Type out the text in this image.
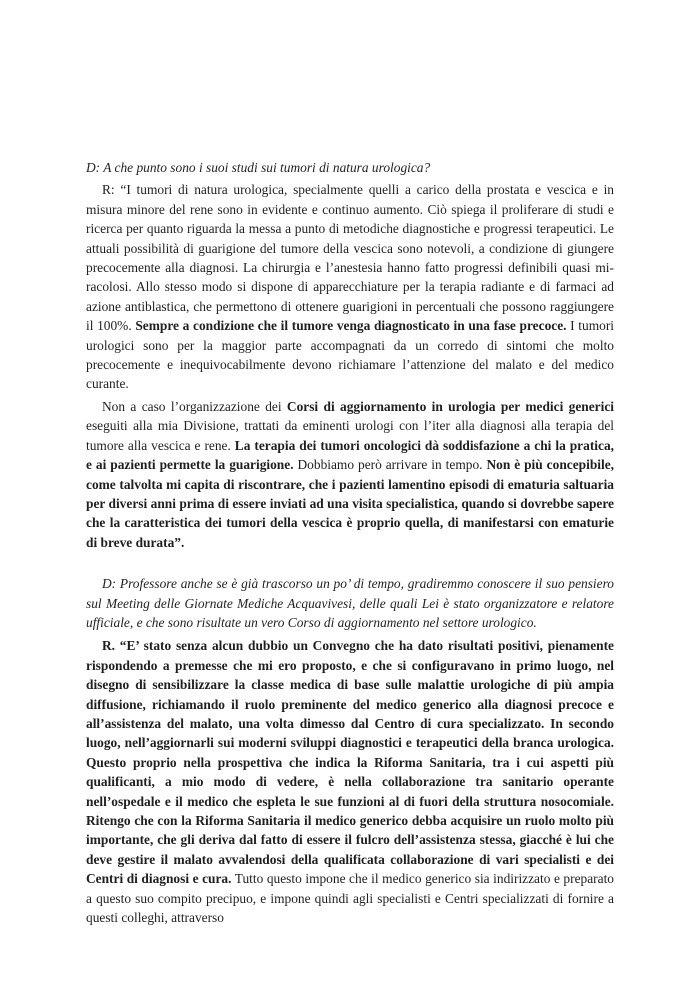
D: A che punto sono i suoi studi sui tumori di natura urologica?

R: “I tumori di natura urologica, specialmente quelli a carico della prostata e vescica e in misura minore del rene sono in evidente e continuo aumento. Ciò spiega il proliferare di studi e ricerca per quanto riguarda la messa a punto di metodiche diagnostiche e progressi terapeutici. Le attuali possibilità di guarigione del tumore della vescica sono notevoli, a condizione di giungere precocemente alla diagnosi. La chirurgia e l’anestesia hanno fatto progressi definibili quasi miracolosi. Allo stesso modo si dispone di apparecchiature per la terapia radiante e di farmaci ad azione antiblastica, che permettono di ottenere guarigioni in percentuali che possono raggiungere il 100%. Sempre a condizione che il tumore venga diagnosticato in una fase precoce. I tumori urologici sono per la maggior parte accompagnati da un corredo di sintomi che molto precocemente e inequivocabilmente devono richiamare l’attenzione del malato e del medico curante.

Non a caso l’organizzazione dei Corsi di aggiornamento in urologia per medici generici eseguiti alla mia Divisione, trattati da eminenti urologi con l’iter alla diagnosi alla terapia del tumore alla vescica e rene. La terapia dei tumori oncologici dà soddisfazione a chi la pratica, e ai pazienti permette la guarigione. Dobbiamo però arrivare in tempo. Non è più concepibile, come talvolta mi capita di riscontrare, che i pazienti lamentino episodi di ematuria saltuaria per diversi anni prima di essere inviati ad una visita specialistica, quando si dovrebbe sapere che la caratteristica dei tumori della vescica è proprio quella, di manifestarsi con ematurie di breve durata”.

D: Professore anche se è già trascorso un po’ di tempo, gradiremmo conoscere il suo pensiero sul Meeting delle Giornate Mediche Acquavivesi, delle quali Lei è stato organizzatore e relatore ufficiale, e che sono risultate un vero Corso di aggiornamento nel settore urologico.

R. “E’ stato senza alcun dubbio un Convegno che ha dato risultati positivi, pienamente rispondendo a premesse che mi ero proposto, e che si configuravano in primo luogo, nel disegno di sensibilizzare la classe medica di base sulle malattie urologiche di più ampia diffusione, richiamando il ruolo preminente del medico generico alla diagnosi precoce e all’assistenza del malato, una volta dimesso dal Centro di cura specializzato. In secondo luogo, nell’aggiornarli sui moderni sviluppi diagnostici e terapeutici della branca urologica. Questo proprio nella prospettiva che indica la Riforma Sanitaria, tra i cui aspetti più qualificanti, a mio modo di vedere, è nella collaborazione tra sanitario operante nell’ospedale e il medico che espleta le sue funzioni al di fuori della struttura nosocomiale. Ritengo che con la Riforma Sanitaria il medico generico debba acquisire un ruolo molto più importante, che gli deriva dal fatto di essere il fulcro dell’assistenza stessa, giacché è lui che deve gestire il malato avvalendosi della qualificata collaborazione di vari specialisti e dei Centri di diagnosi e cura. Tutto questo impone che il medico generico sia indirizzato e preparato a questo suo compito precipuo, e impone quindi agli specialisti e Centri specializzati di fornire a questi colleghi, attraverso
